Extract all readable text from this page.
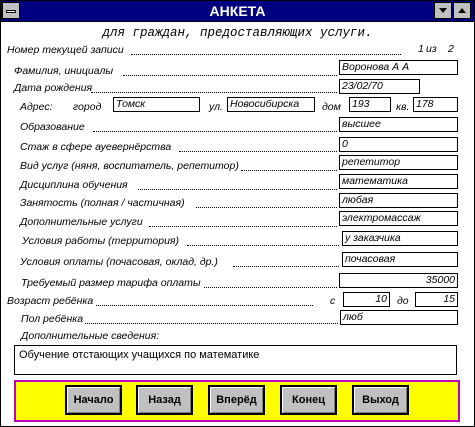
АНКЕТА
для граждан, предоставляющих услуги.
Номер текущей записи	1 из 2
Фамилия, инициалы	Воронова А А
Дата рождения	23/02/70
Адрес: город Томск	ул. Новосибирска	дом 193	кв. 178
Образование	высшее
Стаж в сфере ауевернёрства	0
Вид услуг (няня, воспитатель, репетитор)	репетитор
Дисциплина обучения	математика
Занятость (полная / частичная)	любая
Дополнительные услуги	электромассаж
Условия работы (территория)	у заказчика
Условия оплаты (почасовая, оклад, др.)	почасовая
Требуемый размер тарифа оплаты	35000
Возраст ребёнка	с	10 до	15
Пол ребёнка	люб
Дополнительные сведения:
Обучение отстающих учащихся по математике
Начало	Назад	Вперёд	Конец	Выход
